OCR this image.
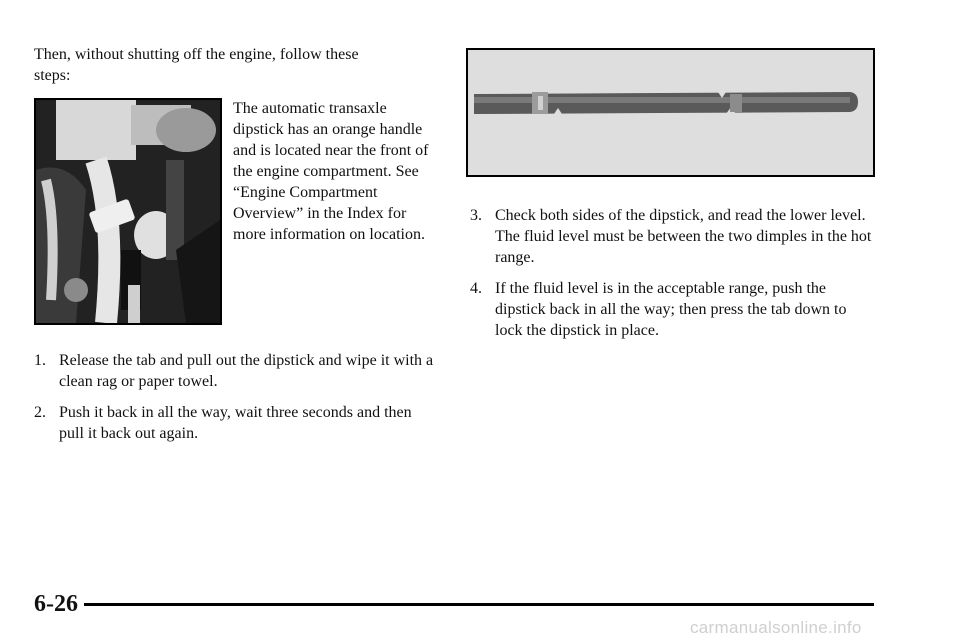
Then, without shutting off the engine, follow these steps:

The automatic transaxle dipstick has an orange handle and is located near the front of the engine compartment. See “Engine Compartment Overview” in the Index for more information on location.

1. Release the tab and pull out the dipstick and wipe it with a clean rag or paper towel.
2. Push it back in all the way, wait three seconds and then pull it back out again.
3. Check both sides of the dipstick, and read the lower level. The fluid level must be between the two dimples in the hot range.
4. If the fluid level is in the acceptable range, push the dipstick back in all the way; then press the tab down to lock the dipstick in place.
6-26
carmanualsonline.info
